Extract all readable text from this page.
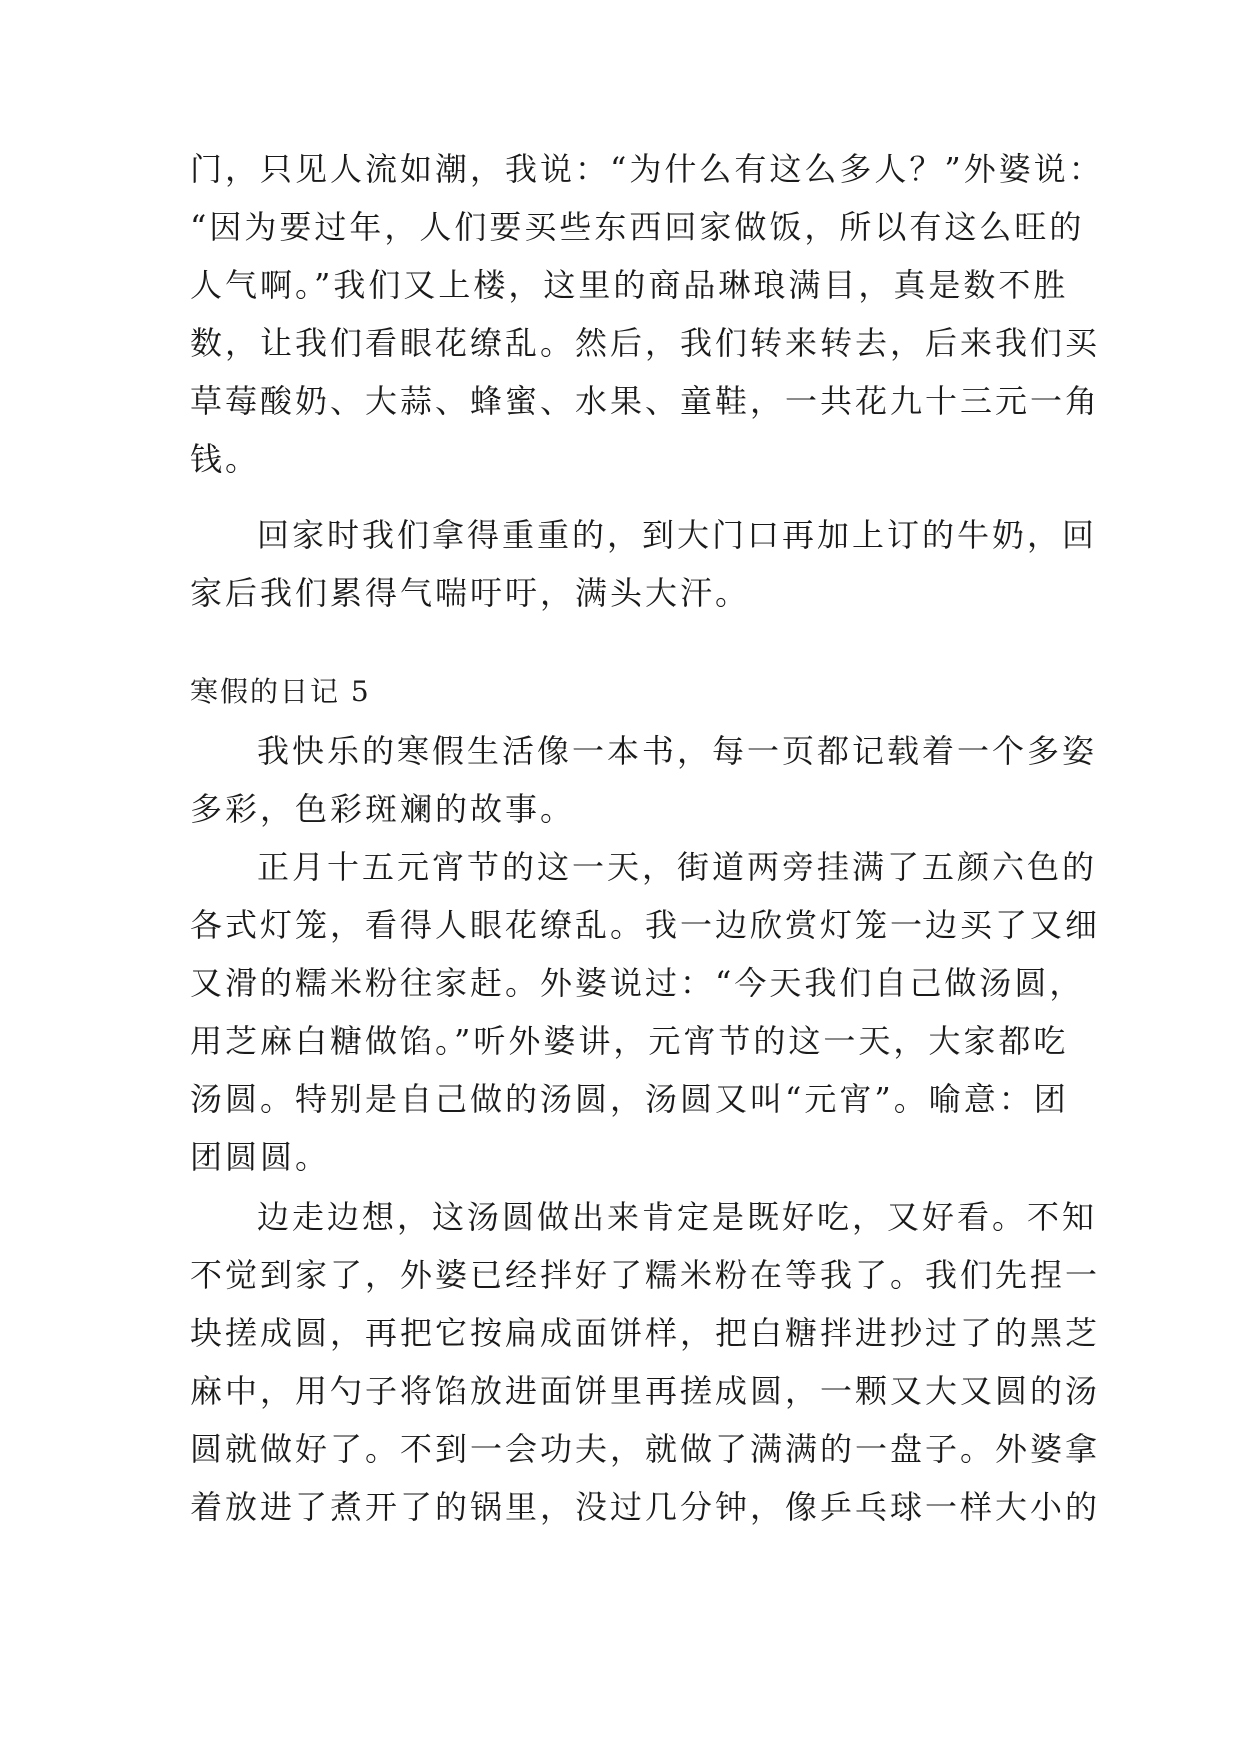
门，只见人流如潮，我说：“为什么有这么多人？”外婆说：
“因为要过年，人们要买些东西回家做饭，所以有这么旺的
人气啊。”我们又上楼，这里的商品琳琅满目，真是数不胜
数，让我们看眼花缭乱。然后，我们转来转去，后来我们买
草莓酸奶、大蒜、蜂蜜、水果、童鞋，一共花九十三元一角
钱。
回家时我们拿得重重的，到大门口再加上订的牛奶，回
家后我们累得气喘吁吁，满头大汗。
寒假的日记 5
我快乐的寒假生活像一本书，每一页都记载着一个多姿
多彩，色彩斑斓的故事。
正月十五元宵节的这一天，街道两旁挂满了五颜六色的
各式灯笼，看得人眼花缭乱。我一边欣赏灯笼一边买了又细
又滑的糯米粉往家赶。外婆说过：“今天我们自己做汤圆，
用芝麻白糖做馅。”听外婆讲，元宵节的这一天，大家都吃
汤圆。特别是自己做的汤圆，汤圆又叫“元宵”。喻意：团
团圆圆。
边走边想，这汤圆做出来肯定是既好吃，又好看。不知
不觉到家了，外婆已经拌好了糯米粉在等我了。我们先捏一
块搓成圆，再把它按扁成面饼样，把白糖拌进抄过了的黑芝
麻中，用勺子将馅放进面饼里再搓成圆，一颗又大又圆的汤
圆就做好了。不到一会功夫，就做了满满的一盘子。外婆拿
着放进了煮开了的锅里，没过几分钟，像乒乓球一样大小的
